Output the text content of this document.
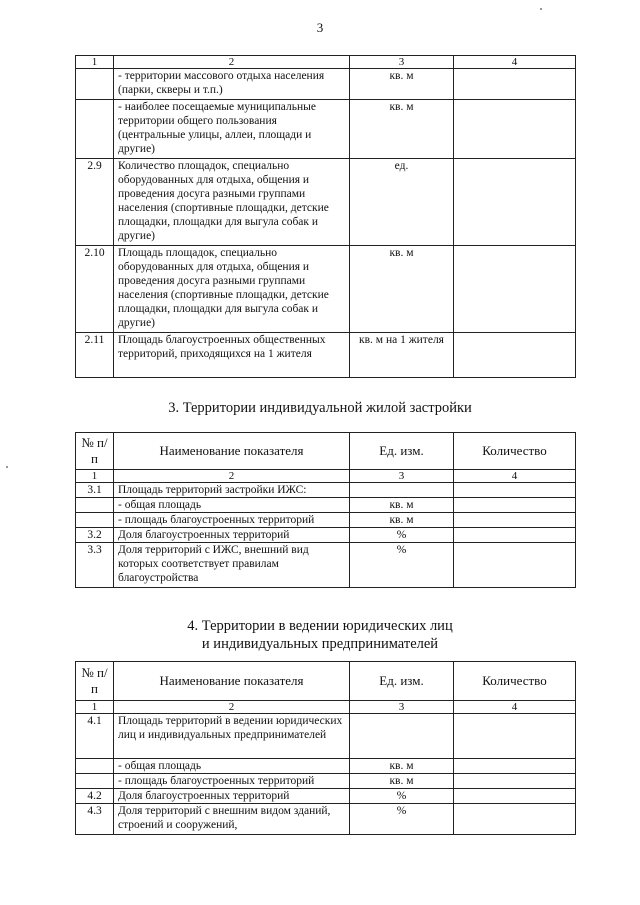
3
1	2	3	4
	- территории массового отдыха населения (парки, скверы и т.п.)	кв. м	
	- наиболее посещаемые муниципальные территории общего пользования (центральные улицы, аллеи, площади и другие)	кв. м	
2.9	Количество площадок, специально оборудованных для отдыха, общения и проведения досуга разными группами населения (спортивные площадки, детские площадки, площадки для выгула собак и другие)	ед.	
2.10	Площадь площадок, специально оборудованных для отдыха, общения и проведения досуга разными группами населения (спортивные площадки, детские площадки, площадки для выгула собак и другие)	кв. м	
2.11	Площадь благоустроенных общественных территорий, приходящихся на 1 жителя	кв. м на 1 жителя	
3. Территории индивидуальной жилой застройки
№ п/п	Наименование показателя	Ед. изм.	Количество
1	2	3	4
3.1	Площадь территорий застройки ИЖС:		
	- общая площадь	кв. м	
	- площадь благоустроенных территорий	кв. м	
3.2	Доля благоустроенных территорий	%	
3.3	Доля территорий с ИЖС, внешний вид которых соответствует правилам благоустройства	%	
4. Территории в ведении юридических лиц
и индивидуальных предпринимателей
№ п/п	Наименование показателя	Ед. изм.	Количество
1	2	3	4
4.1	Площадь территорий в ведении юридических лиц и индивидуальных предпринимателей		
	- общая площадь	кв. м	
	- площадь благоустроенных территорий	кв. м	
4.2	Доля благоустроенных территорий	%	
4.3	Доля территорий с внешним видом зданий, строений и сооружений,	%	
